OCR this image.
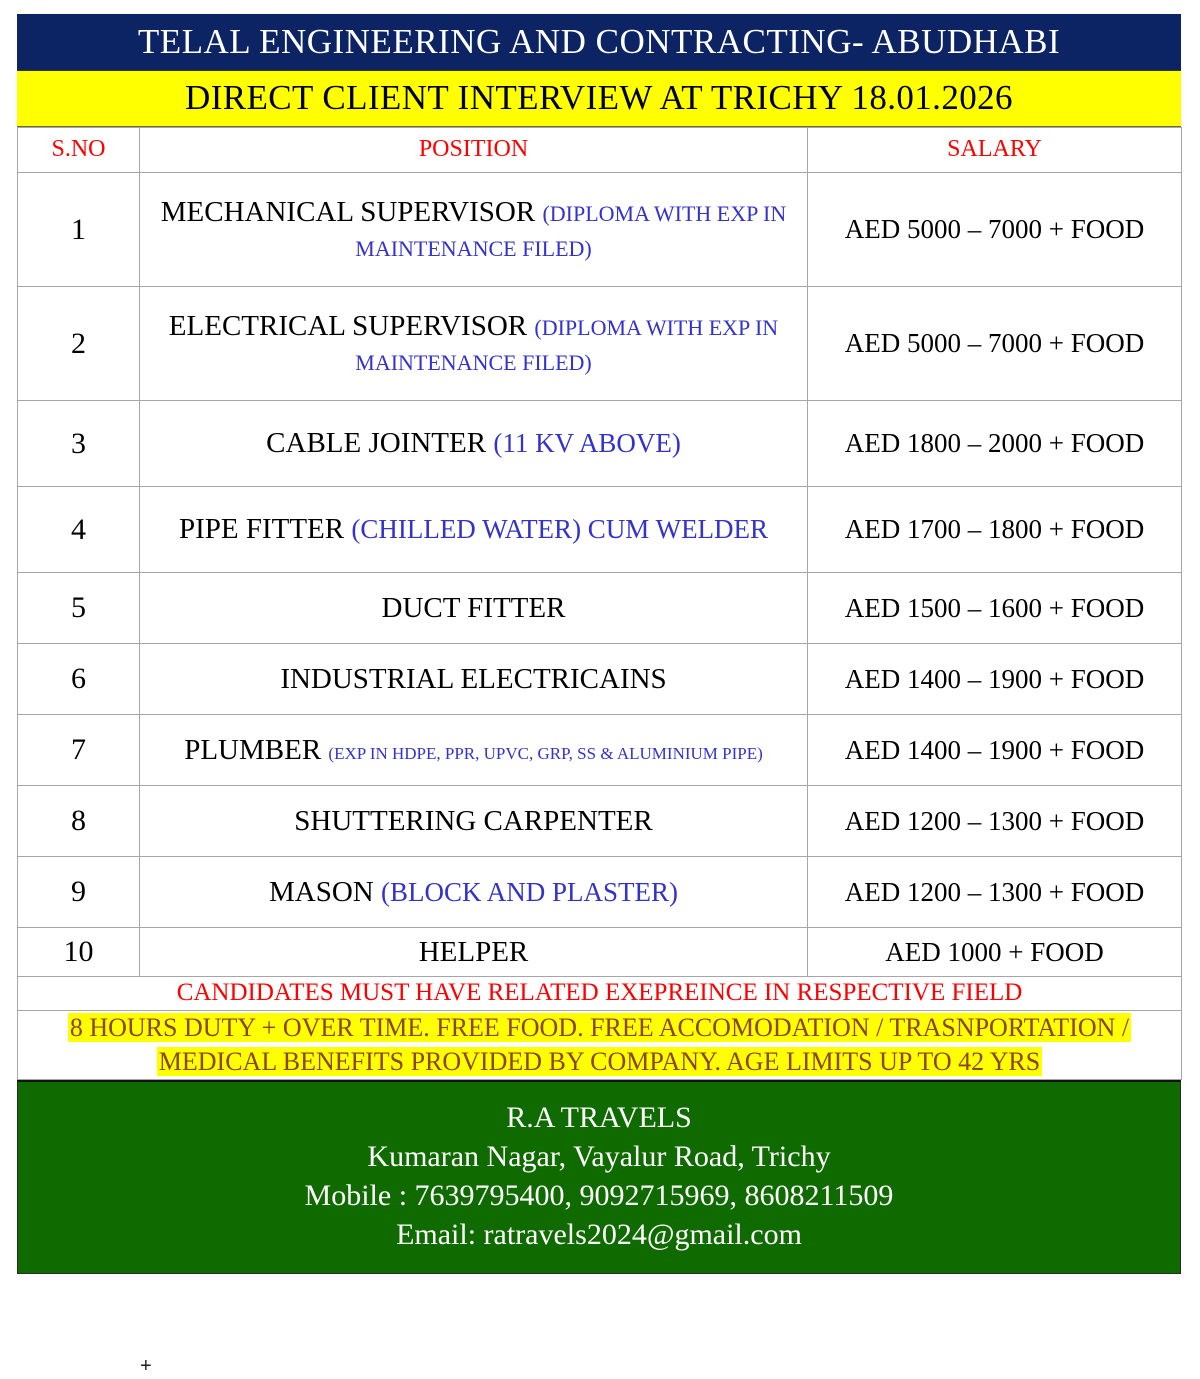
TELAL ENGINEERING AND CONTRACTING- ABUDHABI
DIRECT CLIENT INTERVIEW AT TRICHY 18.01.2026
S.NO	POSITION	SALARY
1	MECHANICAL SUPERVISOR (DIPLOMA WITH EXP IN MAINTENANCE FILED)	AED 5000 – 7000 + FOOD
2	ELECTRICAL SUPERVISOR (DIPLOMA WITH EXP IN MAINTENANCE FILED)	AED 5000 – 7000 + FOOD
3	CABLE JOINTER (11 KV ABOVE)	AED 1800 – 2000 + FOOD
4	PIPE FITTER (CHILLED WATER) CUM WELDER	AED 1700 – 1800 + FOOD
5	DUCT FITTER	AED 1500 – 1600 + FOOD
6	INDUSTRIAL ELECTRICAINS	AED 1400 – 1900 + FOOD
7	PLUMBER (EXP IN HDPE, PPR, UPVC, GRP, SS & ALUMINIUM PIPE)	AED 1400 – 1900 + FOOD
8	SHUTTERING CARPENTER	AED 1200 – 1300 + FOOD
9	MASON (BLOCK AND PLASTER)	AED 1200 – 1300 + FOOD
10	HELPER	AED 1000 + FOOD
CANDIDATES MUST HAVE RELATED EXEPREINCE IN RESPECTIVE FIELD		
8 HOURS DUTY + OVER TIME. FREE FOOD. FREE ACCOMODATION / TRASNPORTATION / MEDICAL BENEFITS PROVIDED BY COMPANY. AGE LIMITS UP TO 42 YRS		
R.A TRAVELS
Kumaran Nagar, Vayalur Road, Trichy
Mobile : 7639795400, 9092715969, 8608211509
Email: ratravels2024@gmail.com
+
